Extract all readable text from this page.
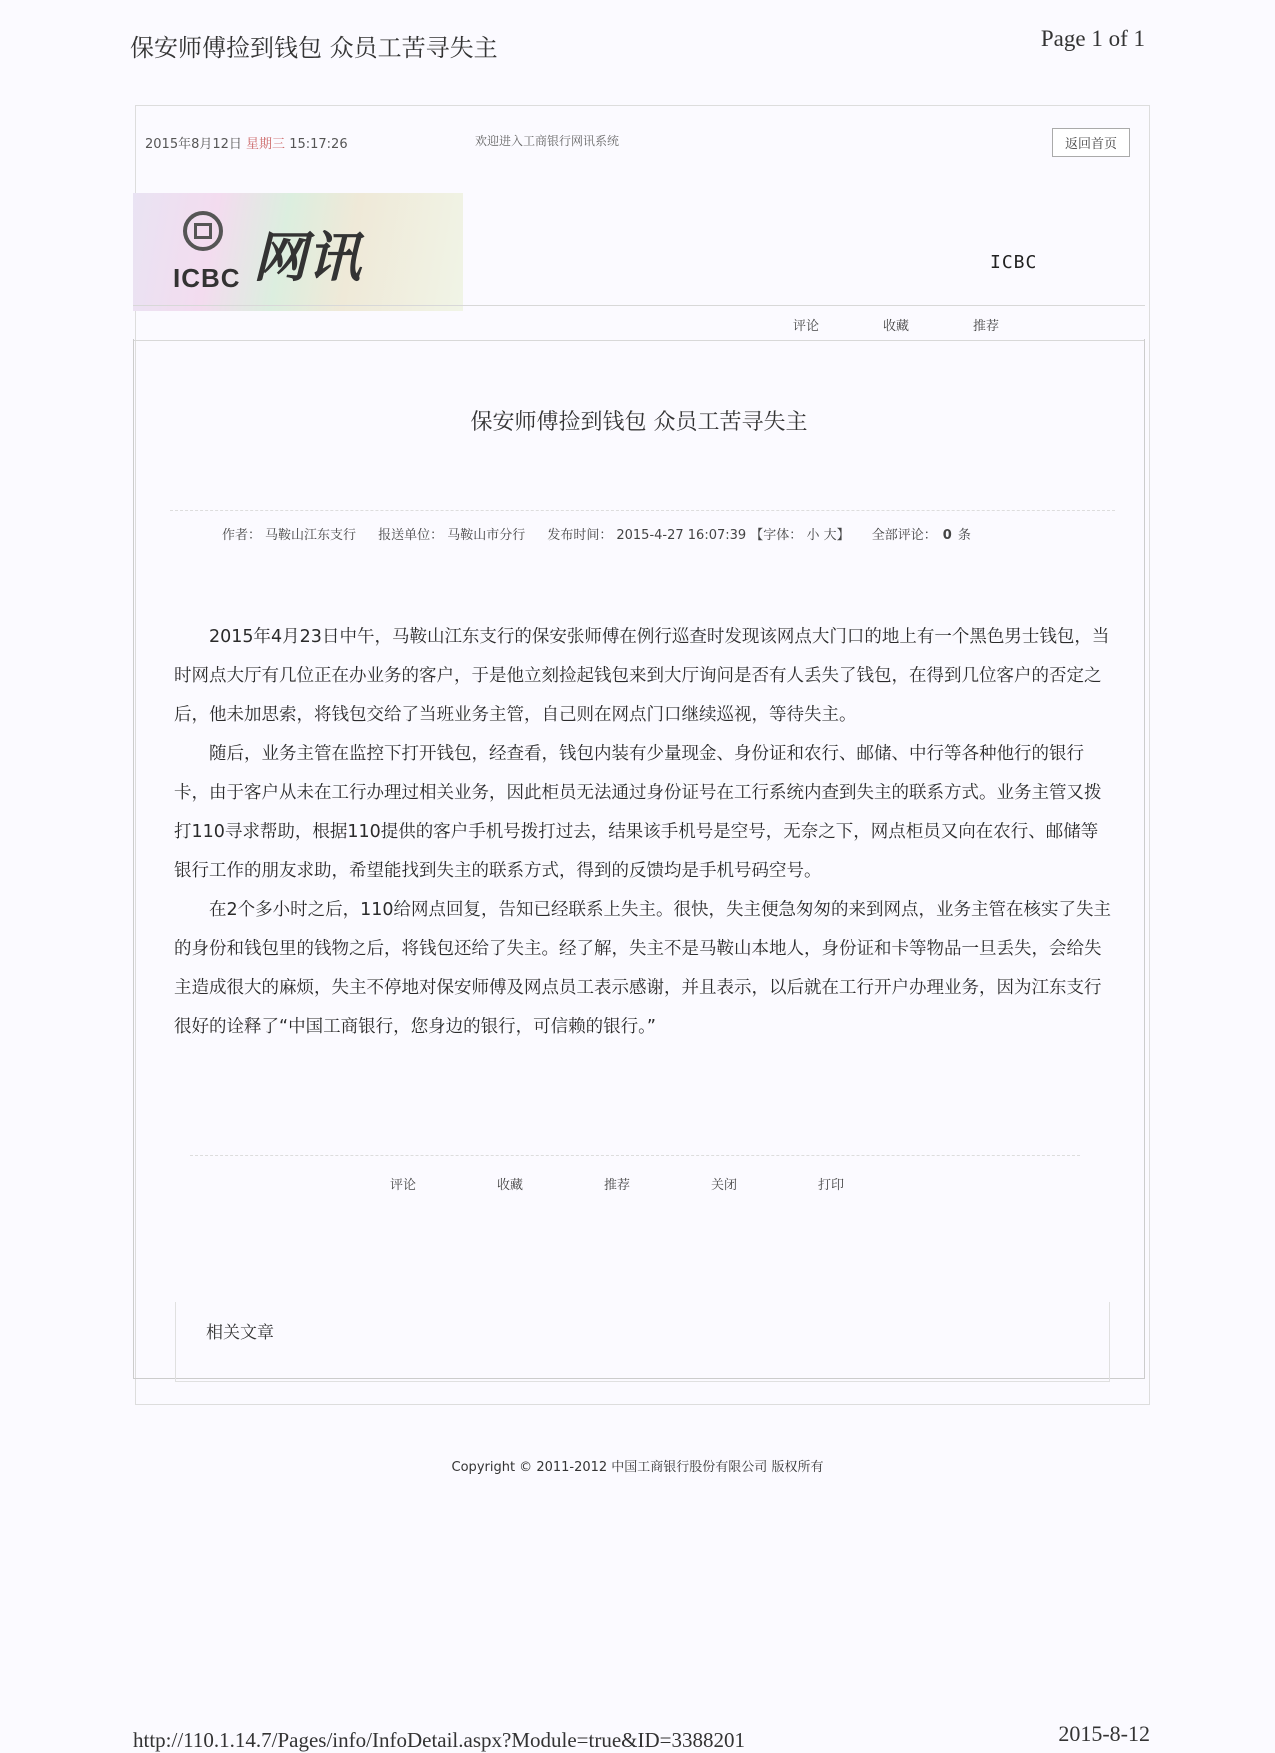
保安师傅捡到钱包 众员工苦寻失主	Page 1 of 1
2015年8月12日 星期三 15:17:26	欢迎进入工商银行网讯系统	返回首页
ICBC 网讯	ICBC
评论	收藏	推荐
保安师傅捡到钱包 众员工苦寻失主
作者： 马鞍山江东支行 报送单位： 马鞍山市分行 发布时间： 2015-4-27 16:07:39 【字体： 小 大】 全部评论： 0 条

2015年4月23日中午，马鞍山江东支行的保安张师傅在例行巡查时发现该网点大门口的地上有一个黑色男士钱包，当时网点大厅有几位正在办业务的客户，于是他立刻捡起钱包来到大厅询问是否有人丢失了钱包，在得到几位客户的否定之后，他未加思索，将钱包交给了当班业务主管，自己则在网点门口继续巡视，等待失主。

随后，业务主管在监控下打开钱包，经查看，钱包内装有少量现金、身份证和农行、邮储、中行等各种他行的银行卡，由于客户从未在工行办理过相关业务，因此柜员无法通过身份证号在工行系统内查到失主的联系方式。业务主管又拨打110寻求帮助，根据110提供的客户手机号拨打过去，结果该手机号是空号，无奈之下，网点柜员又向在农行、邮储等银行工作的朋友求助，希望能找到失主的联系方式，得到的反馈均是手机号码空号。

在2个多小时之后，110给网点回复，告知已经联系上失主。很快，失主便急匆匆的来到网点，业务主管在核实了失主的身份和钱包里的钱物之后，将钱包还给了失主。经了解，失主不是马鞍山本地人，身份证和卡等物品一旦丢失，会给失主造成很大的麻烦，失主不停地对保安师傅及网点员工表示感谢，并且表示，以后就在工行开户办理业务，因为江东支行很好的诠释了“中国工商银行，您身边的银行，可信赖的银行。”

评论	收藏	推荐	关闭	打印
相关文章
Copyright © 2011-2012 中国工商银行股份有限公司 版权所有
http://110.1.14.7/Pages/info/InfoDetail.aspx?Module=true&ID=3388201	2015-8-12
